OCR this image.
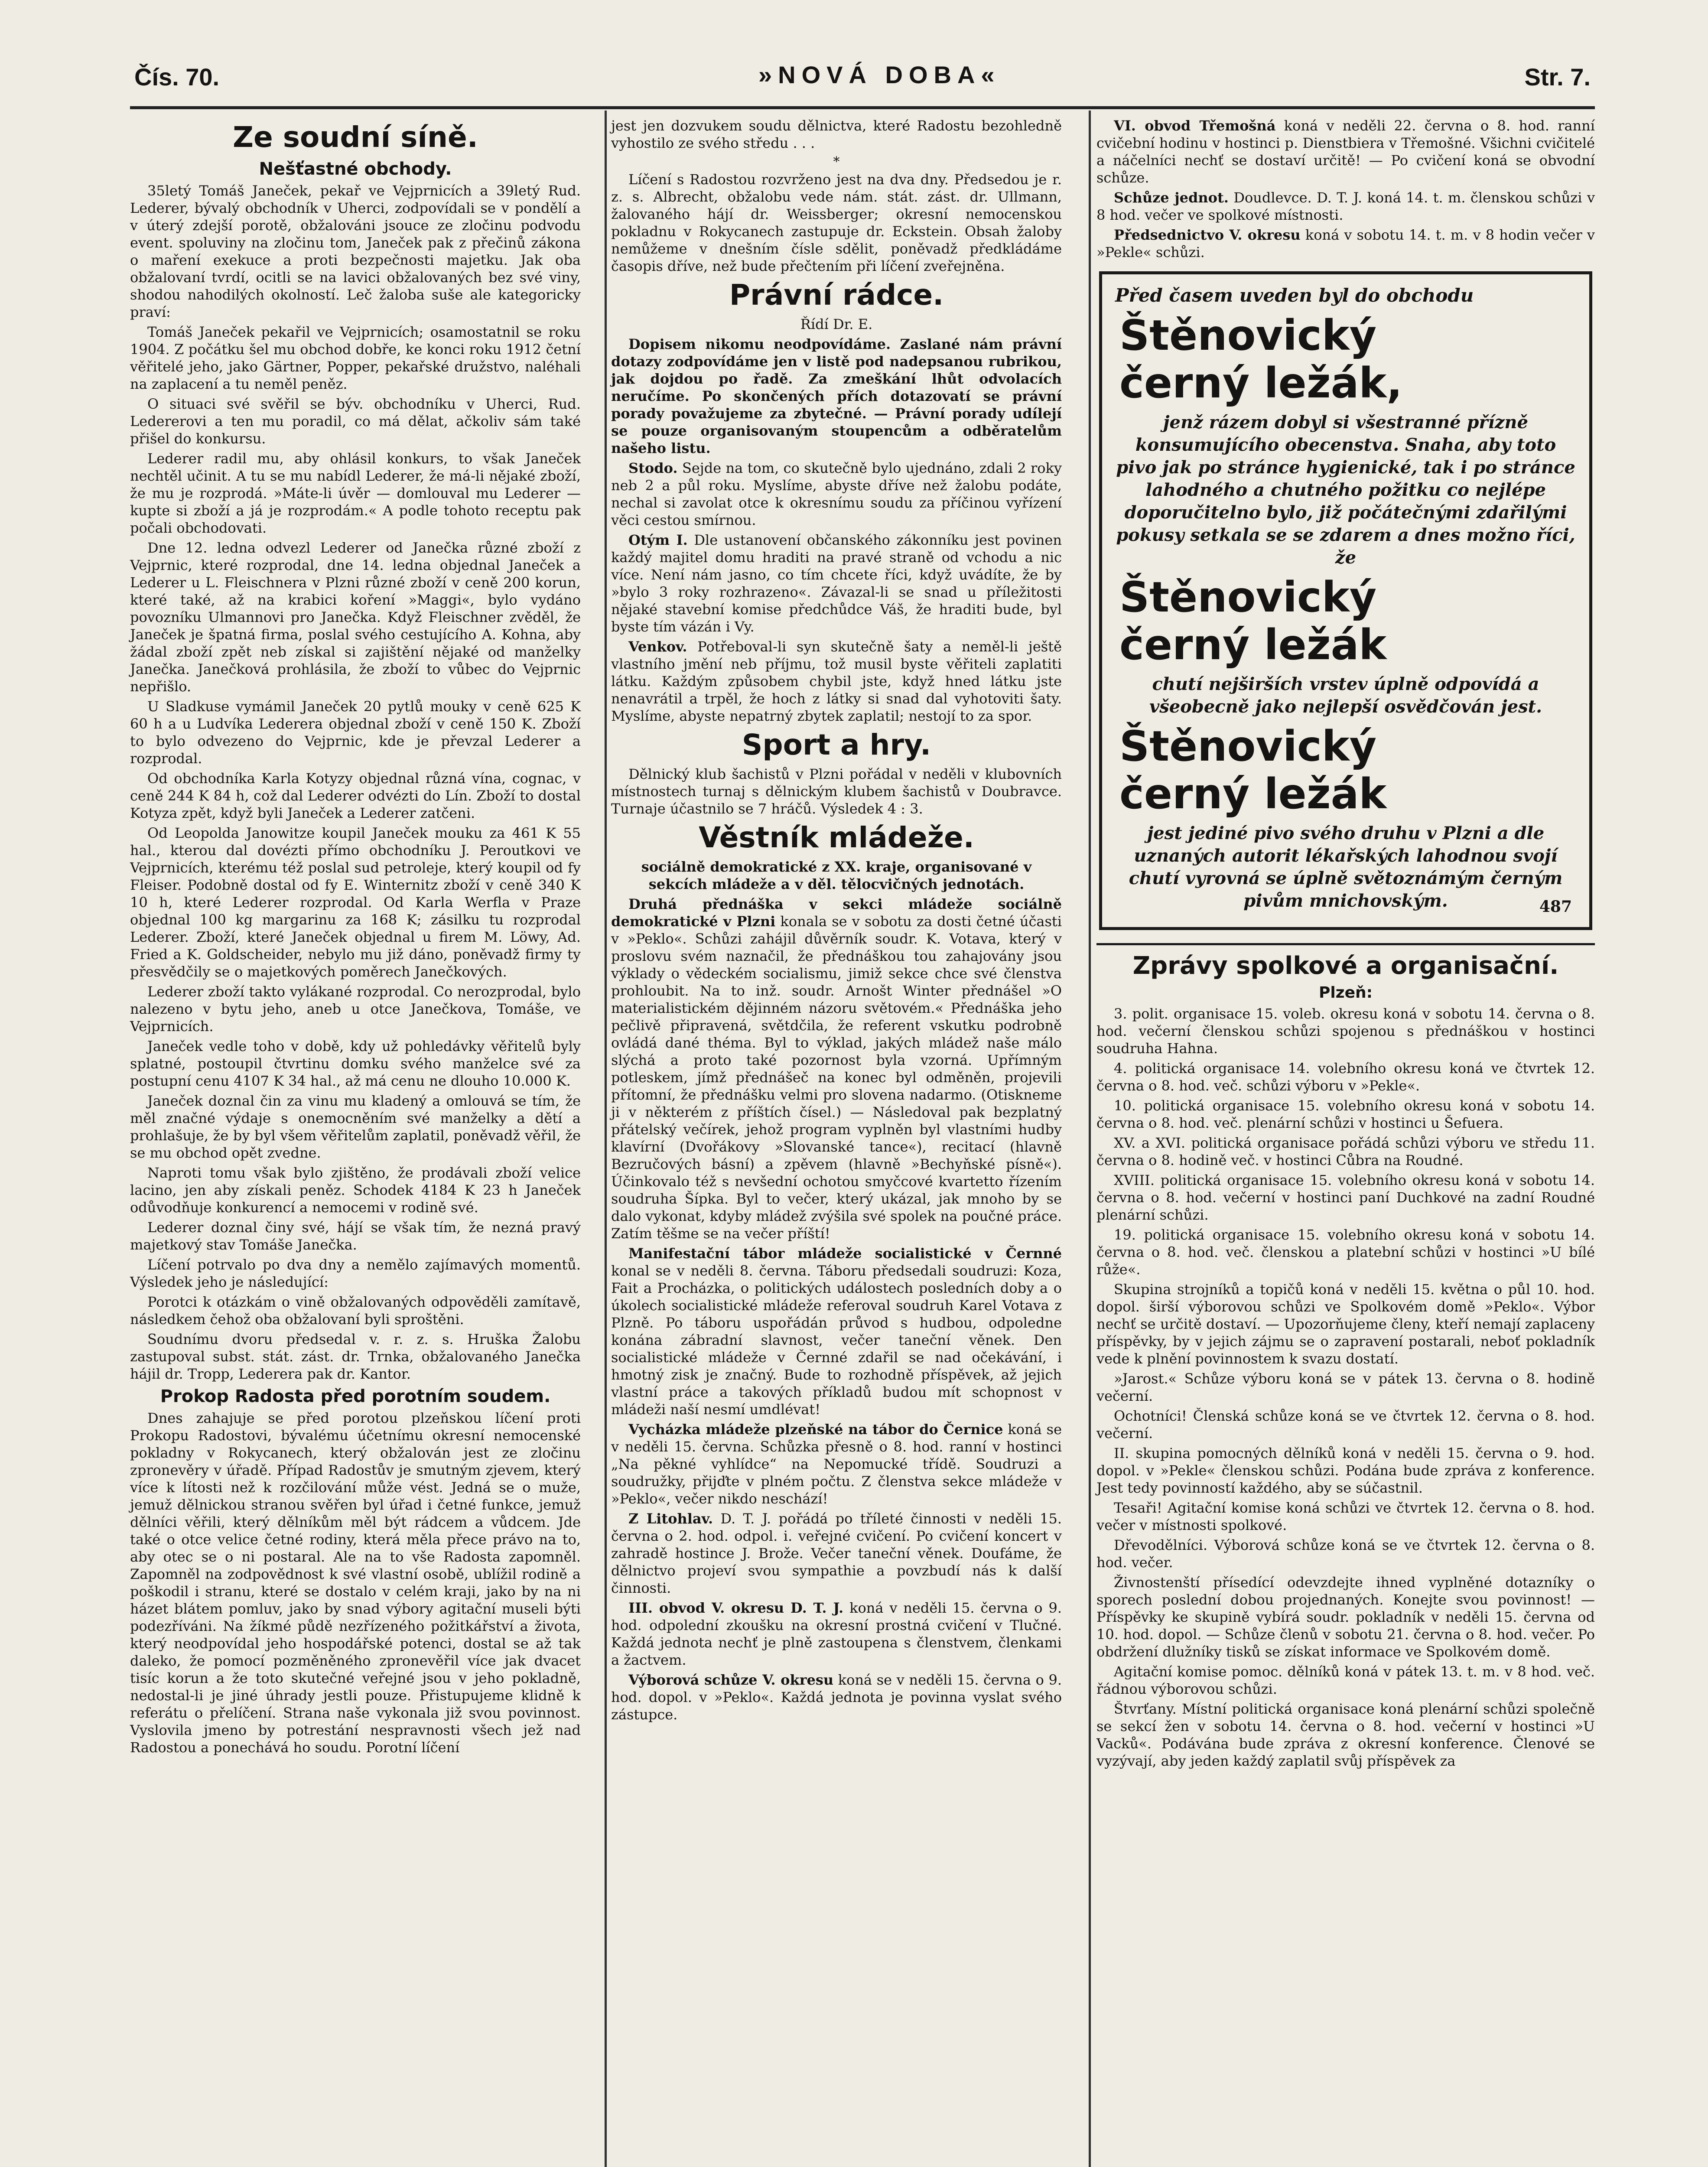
Čís. 70.	»NOVÁ DOBA«	Str. 7.
Ze soudní síně.
Nešťastné obchody.

35letý Tomáš Janeček, pekař ve Vejprnicích a 39letý Rud. Lederer, bývalý obchodník v Uherci, zodpovídali se v pondělí a v úterý zdejší porotě, obžalováni jsouce ze zločinu podvodu event. spoluviny na zločinu tom, Janeček pak z přečinů zákona o maření exekuce a proti bezpečnosti majetku. Jak oba obžalovaní tvrdí, ocitli se na lavici obžalovaných bez své viny, shodou nahodilých okolností. Leč žaloba suše ale kategoricky praví:

Tomáš Janeček pekařil ve Vejprnicích; osamostatnil se roku 1904. Z počátku šel mu obchod dobře, ke konci roku 1912 četní věřitelé jeho, jako Gärtner, Popper, pekařské družstvo, naléhali na zaplacení a tu neměl peněz.

O situaci své svěřil se býv. obchodníku v Uherci, Rud. Ledererovi a ten mu poradil, co má dělat, ačkoliv sám také přišel do konkursu.

Lederer radil mu, aby ohlásil konkurs, to však Janeček nechtěl učinit. A tu se mu nabídl Lederer, že má-li nějaké zboží, že mu je rozprodá. »Máte-li úvěr — domlouval mu Lederer — kupte si zboží a já je rozprodám.« A podle tohoto receptu pak počali obchodovati.

Dne 12. ledna odvezl Lederer od Janečka různé zboží z Vejprnic, které rozprodal, dne 14. ledna objednal Janeček a Lederer u L. Fleischnera v Plzni různé zboží v ceně 200 korun, které také, až na krabici koření »Maggi«, bylo vydáno povozníku Ulmannovi pro Janečka. Když Fleischner zvěděl, že Janeček je špatná firma, poslal svého cestujícího A. Kohna, aby žádal zboží zpět neb získal si zajištění nějaké od manželky Janečka. Janečková prohlásila, že zboží to vůbec do Vejprnic nepřišlo.

U Sladkuse vymámil Janeček 20 pytlů mouky v ceně 625 K 60 h a u Ludvíka Lederera objednal zboží v ceně 150 K. Zboží to bylo odvezeno do Vejprnic, kde je převzal Lederer a rozprodal.

Od obchodníka Karla Kotyzy objednal různá vína, cognac, v ceně 244 K 84 h, což dal Lederer odvézti do Lín. Zboží to dostal Kotyza zpět, když byli Janeček a Lederer zatčeni.

Od Leopolda Janowitze koupil Janeček mouku za 461 K 55 hal., kterou dal dovézti přímo obchodníku J. Peroutkovi ve Vejprnicích, kterému též poslal sud petroleje, který koupil od fy Fleiser. Podobně dostal od fy E. Winternitz zboží v ceně 340 K 10 h, které Lederer rozprodal. Od Karla Werfla v Praze objednal 100 kg margarinu za 168 K; zásilku tu rozprodal Lederer. Zboží, které Janeček objednal u firem M. Löwy, Ad. Fried a K. Goldscheider, nebylo mu již dáno, poněvadž firmy ty přesvědčily se o majetkových poměrech Janečkových.

Lederer zboží takto vylákané rozprodal. Co nerozprodal, bylo nalezeno v bytu jeho, aneb u otce Janečkova, Tomáše, ve Vejprnicích.

Janeček vedle toho v době, kdy už pohledávky věřitelů byly splatné, postoupil čtvrtinu domku svého manželce své za postupní cenu 4107 K 34 hal., až má cenu ne dlouho 10.000 K.

Janeček doznal čin za vinu mu kladený a omlouvá se tím, že měl značné výdaje s onemocněním své manželky a dětí a prohlašuje, že by byl všem věřitelům zaplatil, poněvadž věřil, že se mu obchod opět zvedne.

Naproti tomu však bylo zjištěno, že prodávali zboží velice lacino, jen aby získali peněz. Schodek 4184 K 23 h Janeček odůvodňuje konkurencí a nemocemi v rodině své.

Lederer doznal činy své, hájí se však tím, že nezná pravý majetkový stav Tomáše Janečka.

Líčení potrvalo po dva dny a nemělo zajímavých momentů. Výsledek jeho je následující:

Porotci k otázkám o vině obžalovaných odpověděli zamítavě, následkem čehož oba obžalovaní byli sproštěni.

Soudnímu dvoru předsedal v. r. z. s. Hruška Žalobu zastupoval subst. stát. zást. dr. Trnka, obžalovaného Janečka hájil dr. Tropp, Lederera pak dr. Kantor.

Prokop Radosta před porotním soudem.

Dnes zahajuje se před porotou plzeňskou líčení proti Prokopu Radostovi, bývalému účetnímu okresní nemocenské pokladny v Rokycanech, který obžalován jest ze zločinu zpronevěry v úřadě. Případ Radostův je smutným zjevem, který více k lítosti než k rozčilování může vést. Jedná se o muže, jemuž dělnickou stranou svěřen byl úřad i četné funkce, jemuž dělníci věřili, který dělníkům měl být rádcem a vůdcem. Jde také o otce velice četné rodiny, která měla přece právo na to, aby otec se o ni postaral. Ale na to vše Radosta zapomněl. Zapomněl na zodpovědnost k své vlastní osobě, ublížil rodině a poškodil i stranu, které se dostalo v celém kraji, jako by na ni házet blátem pomluv, jako by snad výbory agitační museli býti podezříváni. Na žíkmé půdě nezřízeného požitkářství a života, který neodpovídal jeho hospodářské potenci, dostal se až tak daleko, že pomocí pozměněného zpronevěřil více jak dvacet tisíc korun a že toto skutečné veřejné jsou v jeho pokladně, nedostal-li je jiné úhrady jestli pouze. Přistupujeme klidně k referátu o přelíčení. Strana naše vykonala již svou povinnost. Vyslovila jmeno by potrestání nespravnosti všech jež nad Radostou a ponechává ho soudu. Porotní líčení

jest jen dozvukem soudu dělnictva, které Radostu bezohledně vyhostilo ze svého středu . . .

*

Líčení s Radostou rozvrženo jest na dva dny. Předsedou je r. z. s. Albrecht, obžalobu vede nám. stát. zást. dr. Ullmann, žalovaného hájí dr. Weissberger; okresní nemocenskou pokladnu v Rokycanech zastupuje dr. Eckstein. Obsah žaloby nemůžeme v dnešním čísle sdělit, poněvadž předkládáme časopis dříve, než bude přečtením při líčení zveřejněna.

Právní rádce.
Řídí Dr. E.

Dopisem nikomu neodpovídáme. Zaslané nám právní dotazy zodpovídáme jen v listě pod nadepsanou rubrikou, jak dojdou po řadě. Za zmeškání lhůt odvolacích neručíme. Po skončených přích dotazovatí se právní porady považujeme za zbytečné. — Právní porady udílejí se pouze organisovaným stoupencům a odběratelům našeho listu.

Stodo. Sejde na tom, co skutečně bylo ujednáno, zdali 2 roky neb 2 a půl roku. Myslíme, abyste dříve než žalobu podáte, nechal si zavolat otce k okresnímu soudu za příčinou vyřízení věci cestou smírnou.

Otým I. Dle ustanovení občanského zákonníku jest povinen každý majitel domu hraditi na pravé straně od vchodu a nic více. Není nám jasno, co tím chcete říci, když uvádíte, že by »bylo 3 roky rozhrazeno«. Závazal-li se snad u příležitosti nějaké stavební komise předchůdce Váš, že hraditi bude, byl byste tím vázán i Vy.

Venkov. Potřeboval-li syn skutečně šaty a neměl-li ještě vlastního jmění neb příjmu, tož musil byste věřiteli zaplatiti látku. Každým způsobem chybil jste, když hned látku jste nenavrátil a trpěl, že hoch z látky si snad dal vyhotoviti šaty. Myslíme, abyste nepatrný zbytek zaplatil; nestojí to za spor.

Sport a hry.

Dělnický klub šachistů v Plzni pořádal v neděli v klubovních místnostech turnaj s dělnickým klubem šachistů v Doubravce. Turnaje účastnilo se 7 hráčů. Výsledek 4 : 3.

Věstník mládeže.
sociálně demokratické z XX. kraje, organisované v sekcích mládeže a v děl. tělocvičných jednotách.

Druhá přednáška v sekci mládeže sociálně demokratické v Plzni konala se v sobotu za dosti četné účasti v »Peklo«. Schůzi zahájil důvěrník soudr. K. Votava, který v proslovu svém naznačil, že přednáškou tou zahajovány jsou výklady o vědeckém socialismu, jimiž sekce chce své členstva prohloubit. Na to inž. soudr. Arnošt Winter přednášel »O materialistickém dějinném názoru světovém.« Přednáška jeho pečlivě připravená, světdčila, že referent vskutku podrobně ovládá dané théma. Byl to výklad, jakých mládež naše málo slýchá a proto také pozornost byla vzorná. Upřímným potleskem, jímž přednášeč na konec byl odměněn, projevili přítomní, že přednášku velmi pro slovena nadarmo. (Otiskneme ji v některém z příštích čísel.) — Následoval pak bezplatný přátelský večírek, jehož program vyplněn byl vlastními hudby klavírní (Dvořákovy »Slovanské tance«), recitací (hlavně Bezručových básní) a zpěvem (hlavně »Bechyňské písně«). Účinkovalo též s nevšední ochotou smyčcové kvartetto řízením soudruha Šípka. Byl to večer, který ukázal, jak mnoho by se dalo vykonat, kdyby mládež zvýšila své spolek na poučné práce. Zatím těšme se na večer příští!

Manifestační tábor mládeže socialistické v Černné konal se v neděli 8. června. Táboru předsedali soudruzi: Koza, Fait a Procházka, o politických událostech posledních doby a o úkolech socialistické mládeže referoval soudruh Karel Votava z Plzně. Po táboru uspořádán průvod s hudbou, odpoledne konána zábradní slavnost, večer taneční věnek. Den socialistické mládeže v Černné zdařil se nad očekávání, i hmotný zisk je značný. Bude to rozhodně příspěvek, až jejich vlastní práce a takových příkladů budou mít schopnost v mládeži naší nesmí umdlévat!

Vycházka mládeže plzeňské na tábor do Černice koná se v neděli 15. června. Schůzka přesně o 8. hod. ranní v hostinci „Na pěkné vyhlídce“ na Nepomucké třídě. Soudruzi a soudružky, přijďte v plném počtu. Z členstva sekce mládeže v »Peklo«, večer nikdo neschází!

Z Litohlav. D. T. J. pořádá po tříleté činnosti v neděli 15. června o 2. hod. odpol. i. veřejné cvičení. Po cvičení koncert v zahradě hostince J. Brože. Večer taneční věnek. Doufáme, že dělnictvo projeví svou sympathie a povzbudí nás k další činnosti.

III. obvod V. okresu D. T. J. koná v neděli 15. června o 9. hod. odpolední zkoušku na okresní prostná cvičení v Tlučné. Každá jednota nechť je plně zastoupena s členstvem, členkami a žactvem.

Výborová schůze V. okresu koná se v neděli 15. června o 9. hod. dopol. v »Peklo«. Každá jednota je povinna vyslat svého zástupce.

VI. obvod Třemošná koná v neděli 22. června o 8. hod. ranní cvičební hodinu v hostinci p. Dienstbiera v Třemošné. Všichni cvičitelé a náčelníci nechť se dostaví určitě! — Po cvičení koná se obvodní schůze.

Schůze jednot. Doudlevce. D. T. J. koná 14. t. m. členskou schůzi v 8 hod. večer ve spolkové místnosti.

Předsednictvo V. okresu koná v sobotu 14. t. m. v 8 hodin večer v »Pekle« schůzi.

Před časem uveden byl do obchodu
Štěnovický
černý ležák,
jenž rázem dobyl si všestranné přízně konsumujícího obecenstva. Snaha, aby toto pivo jak po stránce hygienické, tak i po stránce lahodného a chutného požitku co nejlépe doporučitelno bylo, již počátečnými zdařilými pokusy setkala se se zdarem a dnes možno říci, že
Štěnovický
černý ležák
chutí nejširších vrstev úplně odpovídá a všeobecně jako nejlepší osvědčován jest.
Štěnovický
černý ležák
jest jediné pivo svého druhu v Plzni a dle uznaných autorit lékařských lahodnou svojí chutí vyrovná se úplně světoznámým černým pivům mnichovským.	487
Zprávy spolkové a organisační.
Plzeň:

3. polit. organisace 15. voleb. okresu koná v sobotu 14. června o 8. hod. večerní členskou schůzi spojenou s přednáškou v hostinci soudruha Hahna.

4. politická organisace 14. volebního okresu koná ve čtvrtek 12. června o 8. hod. več. schůzi výboru v »Pekle«.

10. politická organisace 15. volebního okresu koná v sobotu 14. června o 8. hod. več. plenární schůzi v hostinci u Šefuera.

XV. a XVI. politická organisace pořádá schůzi výboru ve středu 11. června o 8. hodině več. v hostinci Cůbra na Roudné.

XVIII. politická organisace 15. volebního okresu koná v sobotu 14. června o 8. hod. večerní v hostinci paní Duchkové na zadní Roudné plenární schůzi.

19. politická organisace 15. volebního okresu koná v sobotu 14. června o 8. hod. več. členskou a platební schůzi v hostinci »U bílé růže«.

Skupina strojníků a topičů koná v neděli 15. května o půl 10. hod. dopol. širší výborovou schůzi ve Spolkovém domě »Peklo«. Výbor nechť se určitě dostaví. — Upozorňujeme členy, kteří nemají zaplaceny příspěvky, by v jejich zájmu se o zapravení postarali, neboť pokladník vede k plnění povinnostem k svazu dostatí.

»Jarost.« Schůze výboru koná se v pátek 13. června o 8. hodině večerní.

Ochotníci! Členská schůze koná se ve čtvrtek 12. června o 8. hod. večerní.

II. skupina pomocných dělníků koná v neděli 15. června o 9. hod. dopol. v »Pekle« členskou schůzi. Podána bude zpráva z konference. Jest tedy povinností každého, aby se súčastnil.

Tesaři! Agitační komise koná schůzi ve čtvrtek 12. června o 8. hod. večer v místnosti spolkové.

Dřevodělníci. Výborová schůze koná se ve čtvrtek 12. června o 8. hod. večer.

Živnostenští přísedící odevzdejte ihned vyplněné dotazníky o sporech poslední dobou projednaných. Konejte svou povinnost! — Příspěvky ke skupině vybírá soudr. pokladník v neděli 15. června od 10. hod. dopol. — Schůze členů v sobotu 21. června o 8. hod. večer. Po obdržení dlužníky tisků se získat informace ve Spolkovém domě.

Agitační komise pomoc. dělníků koná v pátek 13. t. m. v 8 hod. več. řádnou výborovou schůzi.

Štvrťany. Místní politická organisace koná plenární schůzi společně se sekcí žen v sobotu 14. června o 8. hod. večerní v hostinci »U Vacků«. Podávána bude zpráva z okresní konference. Členové se vyzývají, aby jeden každý zaplatil svůj příspěvek za
